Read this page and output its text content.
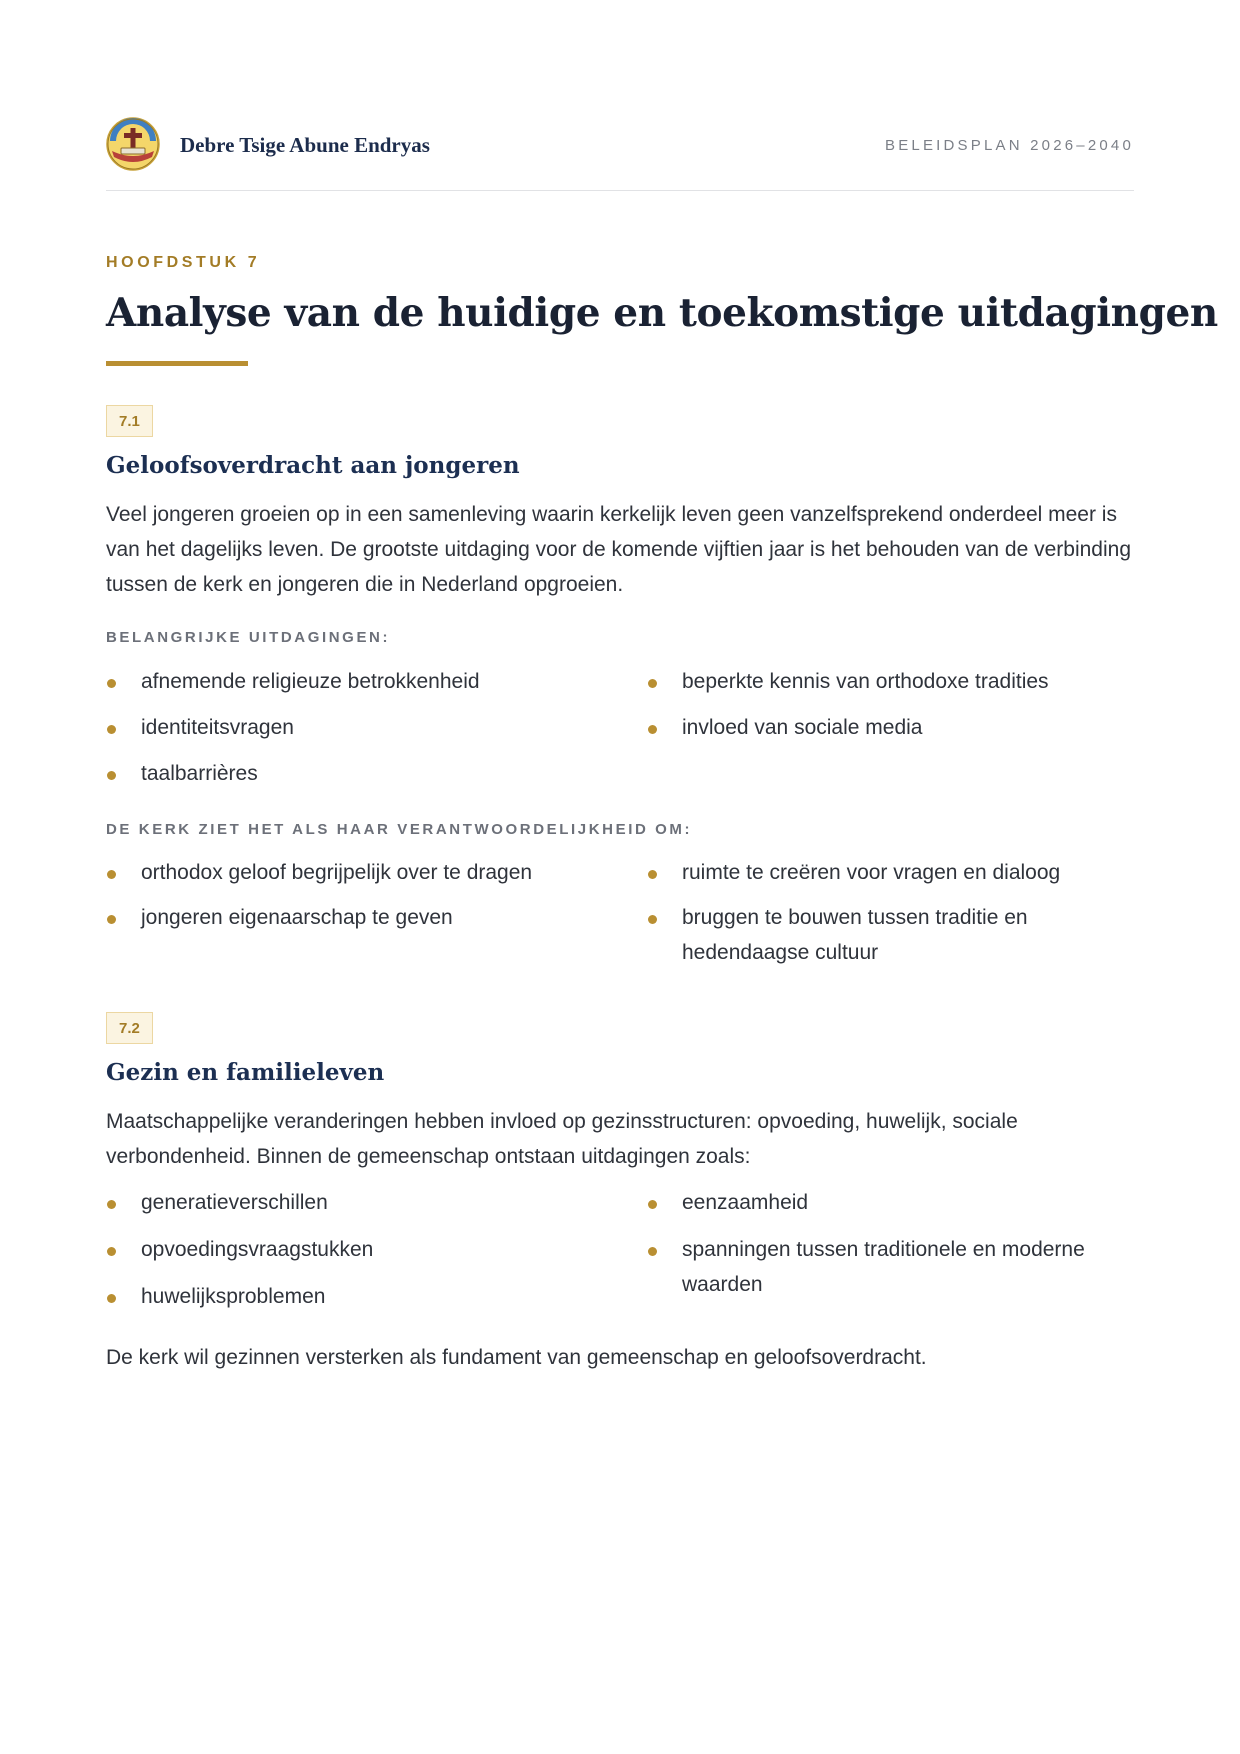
Debre Tsige Abune Endryas	BELEIDSPLAN 2026–2040
HOOFDSTUK 7
Analyse van de huidige en toekomstige uitdagingen
7.1
Geloofsoverdracht aan jongeren

Veel jongeren groeien op in een samenleving waarin kerkelijk leven geen vanzelfsprekend onderdeel meer is van het dagelijks leven. De grootste uitdaging voor de komende vijftien jaar is het behouden van de verbinding tussen de kerk en jongeren die in Nederland opgroeien.

BELANGRIJKE UITDAGINGEN:
afnemende religieuze betrokkenheid
identiteitsvragen
taalbarrières
beperkte kennis van orthodoxe tradities
invloed van sociale media
DE KERK ZIET HET ALS HAAR VERANTWOORDELIJKHEID OM:
orthodox geloof begrijpelijk over te dragen
jongeren eigenaarschap te geven
ruimte te creëren voor vragen en dialoog
bruggen te bouwen tussen traditie en hedendaagse cultuur
7.2
Gezin en familieleven

Maatschappelijke veranderingen hebben invloed op gezinsstructuren: opvoeding, huwelijk, sociale verbondenheid. Binnen de gemeenschap ontstaan uitdagingen zoals:

generatieverschillen
opvoedingsvraagstukken
huwelijksproblemen
eenzaamheid
spanningen tussen traditionele en moderne waarden

De kerk wil gezinnen versterken als fundament van gemeenschap en geloofsoverdracht.
